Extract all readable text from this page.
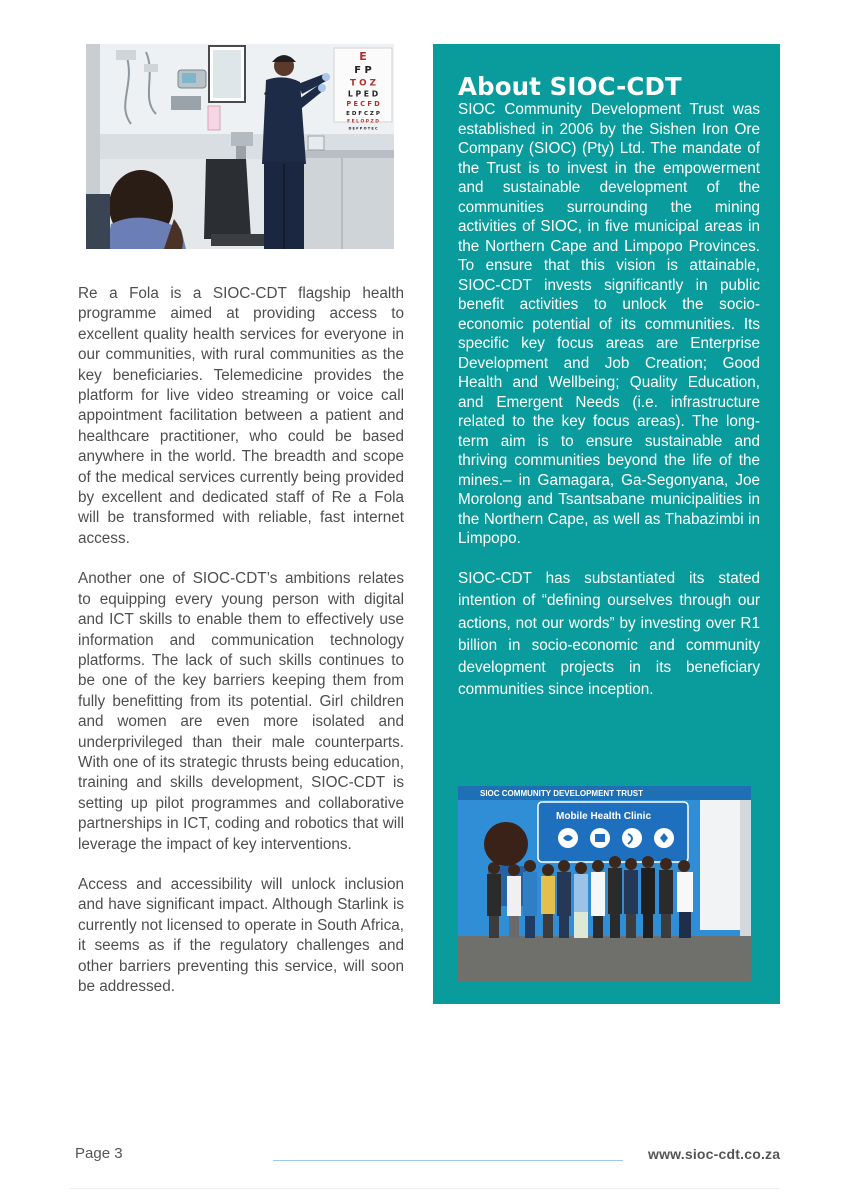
E
F P
T O Z
L P E D
P E C F D
E D F C Z P
F E L O P Z D
D E F P O T E C

Re a Fola is a SIOC-CDT flagship health programme aimed at providing access to excellent quality health services for everyone in our communities, with rural communities as the key beneficiaries. Telemedicine provides the platform for live video streaming or voice call appointment facilitation between a patient and healthcare practitioner, who could be based anywhere in the world. The breadth and scope of the medical services currently being provided by excellent and dedicated staff of Re a Fola will be transformed with reliable, fast internet access.

Another one of SIOC-CDT’s ambitions relates to equipping every young person with digital and ICT skills to enable them to effectively use information and communication technology platforms. The lack of such skills continues to be one of the key barriers keeping them from fully benefitting from its potential. Girl children and women are even more isolated and underprivileged than their male counterparts. With one of its strategic thrusts being education, training and skills development, SIOC-CDT is setting up pilot programmes and collaborative partnerships in ICT, coding and robotics that will leverage the impact of key interventions.

Access and accessibility will unlock inclusion and have significant impact. Although Starlink is currently not licensed to operate in South Africa, it seems as if the regulatory challenges and other barriers preventing this service, will soon be addressed.

About SIOC-CDT

SIOC Community Development Trust was established in 2006 by the Sishen Iron Ore Company (SIOC) (Pty) Ltd. The mandate of the Trust is to invest in the empowerment and sustainable development of the communities surrounding the mining activities of SIOC, in five municipal areas in the Northern Cape and Limpopo Provinces. To ensure that this vision is attainable, SIOC-CDT invests significantly in public benefit activities to unlock the socio-economic potential of its communities. Its specific key focus areas are Enterprise Development and Job Creation; Good Health and Wellbeing; Quality Education, and Emergent Needs (i.e. infrastructure related to the key focus areas). The long-term aim is to ensure sustainable and thriving communities beyond the life of the mines.– in Gamagara, Ga-Segonyana, Joe Morolong and Tsantsabane municipalities in the Northern Cape, as well as Thabazimbi in Limpopo.

SIOC-CDT has substantiated its stated intention of “defining ourselves through our actions, not our words” by investing over R1 billion in socio-economic and community development projects in its beneficiary communities since inception.

SIOC COMMUNITY DEVELOPMENT TRUST
Mobile Health Clinic
Page 3	www.sioc-cdt.co.za
